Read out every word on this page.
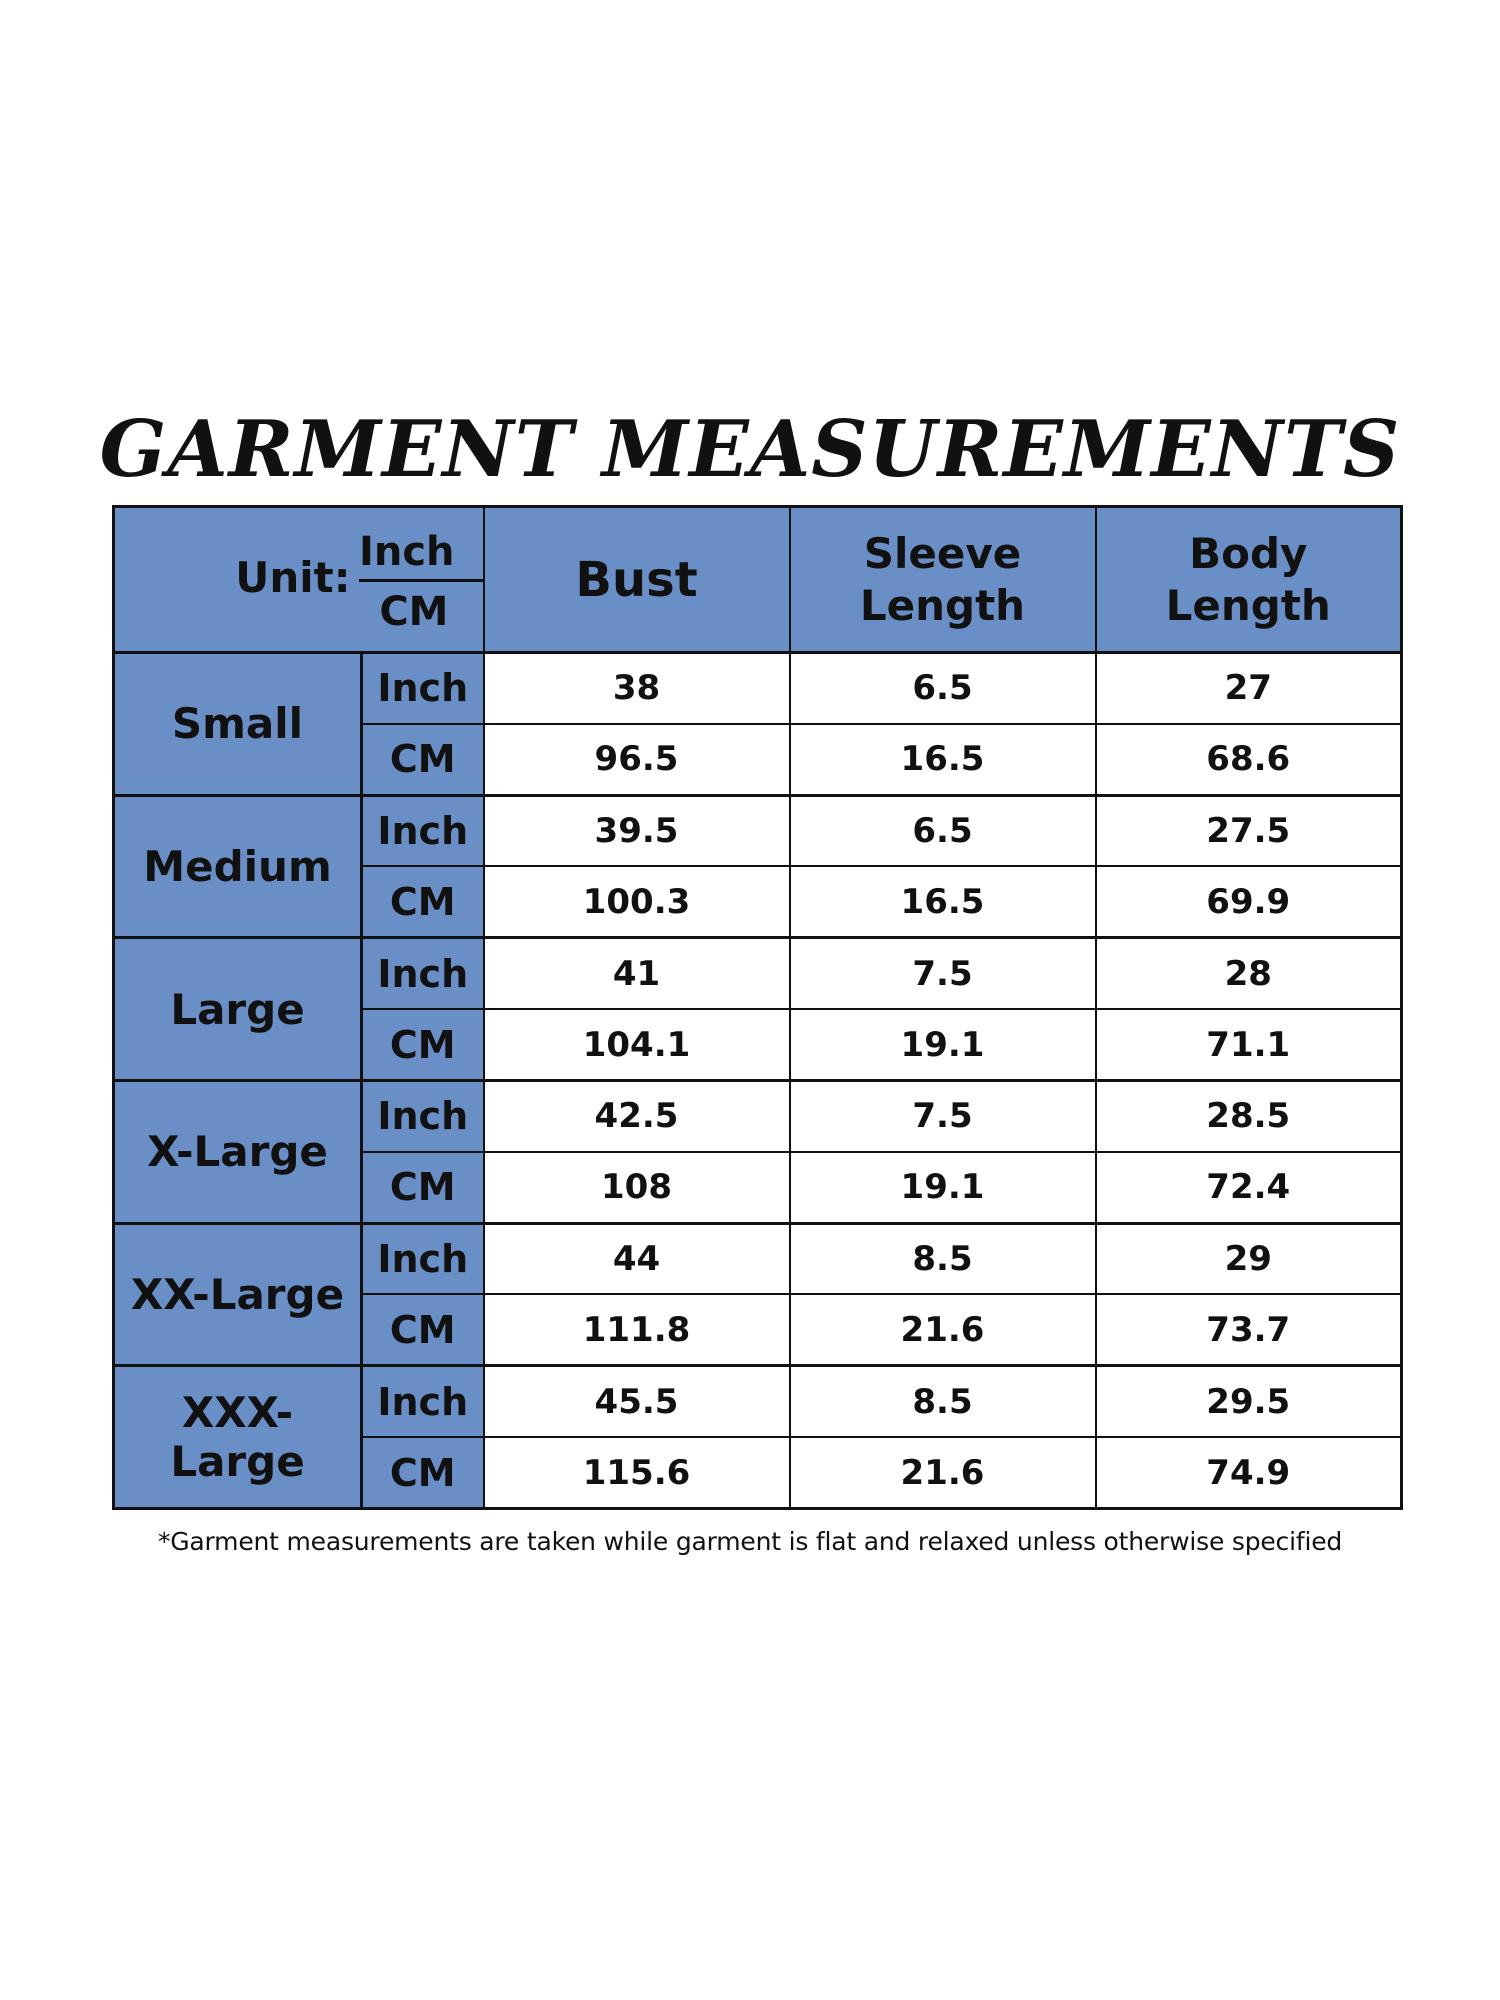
GARMENT MEASUREMENTS
Unit:
Inch
CM		Bust	Sleeve Length	Body Length
Small	Inch	38	6.5	27
	CM	96.5	16.5	68.6
Medium	Inch	39.5	6.5	27.5
	CM	100.3	16.5	69.9
Large	Inch	41	7.5	28
	CM	104.1	19.1	71.1
X-Large	Inch	42.5	7.5	28.5
	CM	108	19.1	72.4
XX-Large	Inch	44	8.5	29
	CM	111.8	21.6	73.7
XXX-Large	Inch	45.5	8.5	29.5
	CM	115.6	21.6	74.9

*Garment measurements are taken while garment is flat and relaxed unless otherwise specified
